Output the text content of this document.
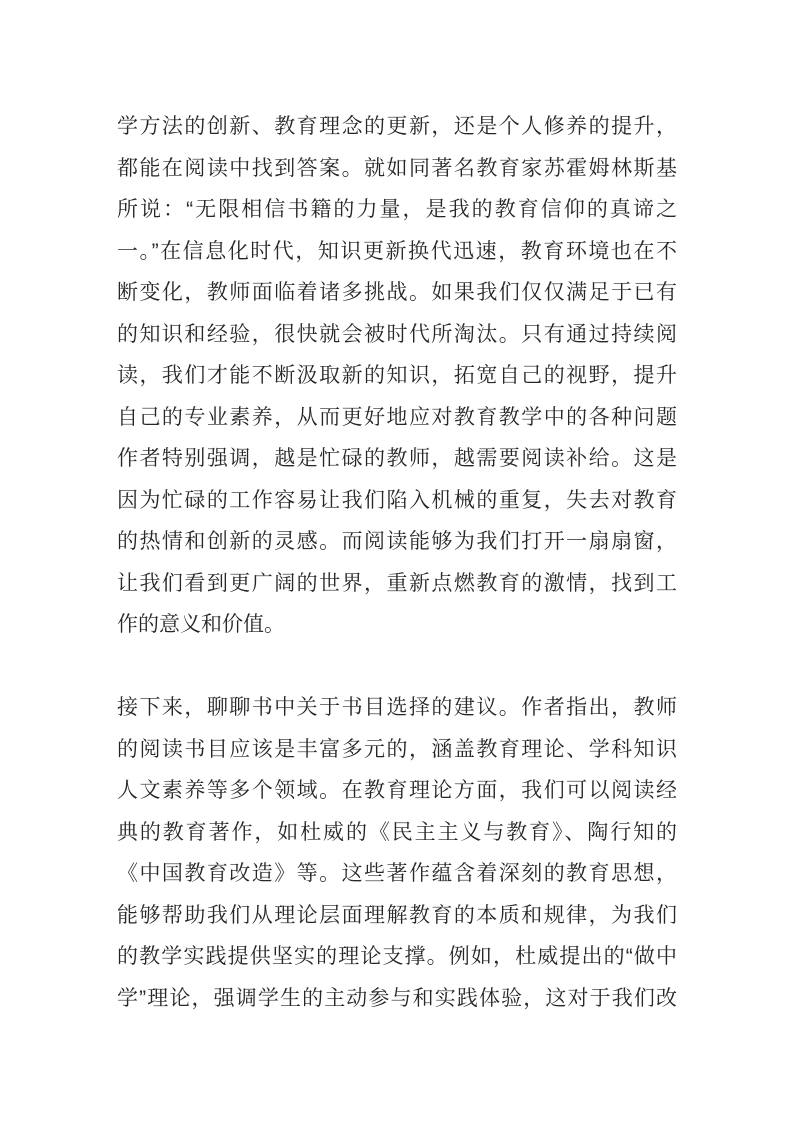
学方法的创新、教育理念的更新，还是个人修养的提升，
都能在阅读中找到答案。就如同著名教育家苏霍姆林斯基
所说：“无限相信书籍的力量，是我的教育信仰的真谛之
一。”在信息化时代，知识更新换代迅速，教育环境也在不
断变化，教师面临着诸多挑战。如果我们仅仅满足于已有
的知识和经验，很快就会被时代所淘汰。只有通过持续阅
读，我们才能不断汲取新的知识，拓宽自己的视野，提升
自己的专业素养，从而更好地应对教育教学中的各种问题
作者特别强调，越是忙碌的教师，越需要阅读补给。这是
因为忙碌的工作容易让我们陷入机械的重复，失去对教育
的热情和创新的灵感。而阅读能够为我们打开一扇扇窗，
让我们看到更广阔的世界，重新点燃教育的激情，找到工
作的意义和价值。
接下来，聊聊书中关于书目选择的建议。作者指出，教师
的阅读书目应该是丰富多元的，涵盖教育理论、学科知识
人文素养等多个领域。在教育理论方面，我们可以阅读经
典的教育著作，如杜威的《民主主义与教育》、陶行知的
《中国教育改造》等。这些著作蕴含着深刻的教育思想，
能够帮助我们从理论层面理解教育的本质和规律，为我们
的教学实践提供坚实的理论支撑。例如，杜威提出的“做中
学”理论，强调学生的主动参与和实践体验，这对于我们改
